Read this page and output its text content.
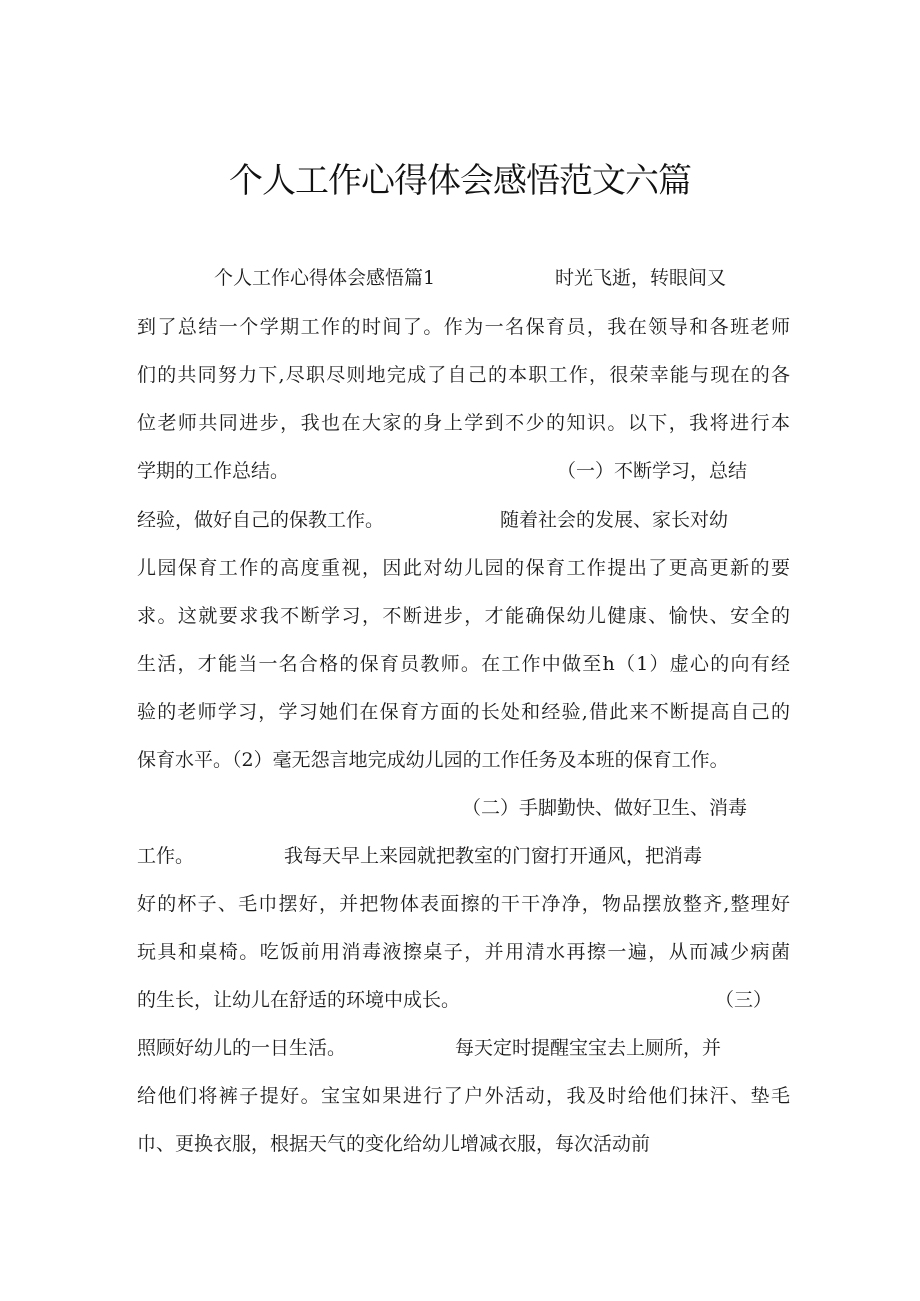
个人工作心得体会感悟范文六篇
个人工作心得体会感悟篇1	时光飞逝，转眼间又
到了总结一个学期工作的时间了。作为一名保育员，我在领导和各班老师
们的共同努力下,尽职尽则地完成了自己的本职工作，很荣幸能与现在的各
位老师共同进步，我也在大家的身上学到不少的知识。以下，我将进行本
学期的工作总结。	（一）不断学习，总结
经验，做好自己的保教工作。	随着社会的发展、家长对幼
儿园保育工作的高度重视，因此对幼儿园的保育工作提出了更高更新的要
求。这就要求我不断学习，不断进步，才能确保幼儿健康、愉快、安全的
生活，才能当一名合格的保育员教师。在工作中做至h（1）虚心的向有经
验的老师学习，学习她们在保育方面的长处和经验,借此来不断提高自己的
保育水平。（2）毫无怨言地完成幼儿园的工作任务及本班的保育工作。
（二）手脚勤快、做好卫生、消毒
工作。	我每天早上来园就把教室的门窗打开通风，把消毒
好的杯子、毛巾摆好，并把物体表面擦的干干净净，物品摆放整齐,整理好
玩具和桌椅。吃饭前用消毒液擦桌子，并用清水再擦一遍，从而减少病菌
的生长，让幼儿在舒适的环境中成长。	（三）
照顾好幼儿的一日生活。	每天定时提醒宝宝去上厕所，并
给他们将裤子提好。宝宝如果进行了户外活动，我及时给他们抹汗、垫毛
巾、更换衣服，根据天气的变化给幼儿增减衣服，每次活动前
